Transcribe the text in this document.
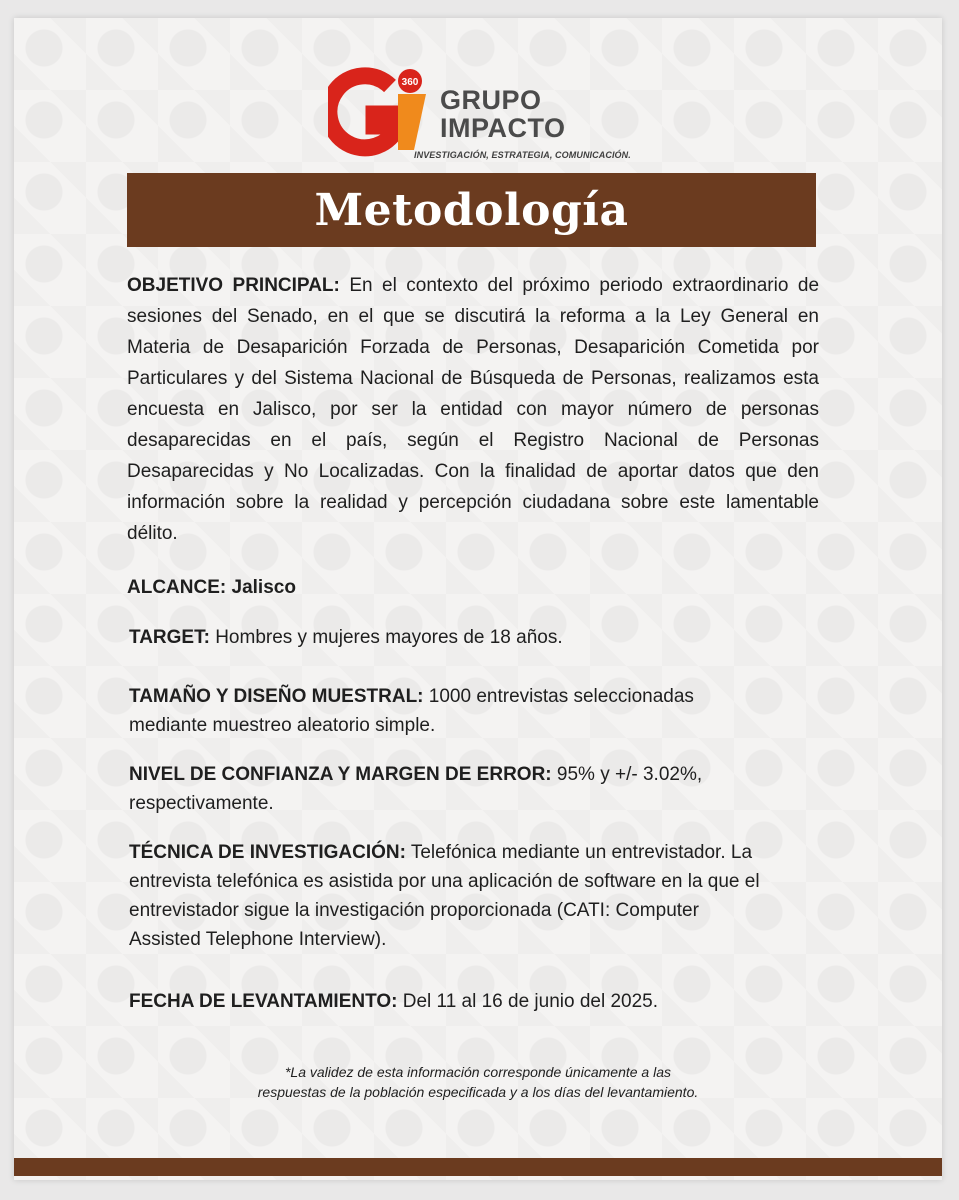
360
GRUPO
IMPACTO
INVESTIGACIÓN, ESTRATEGIA, COMUNICACIÓN.
Metodología

OBJETIVO PRINCIPAL: En el contexto del próximo periodo extraordinario de sesiones del Senado, en el que se discutirá la reforma a la Ley General en Materia de Desaparición Forzada de Personas, Desaparición Cometida por Particulares y del Sistema Nacional de Búsqueda de Personas, realizamos esta encuesta en Jalisco, por ser la entidad con mayor número de personas desaparecidas en el país, según el Registro Nacional de Personas Desaparecidas y No Localizadas. Con la finalidad de aportar datos que den información sobre la realidad y percepción ciudadana sobre este lamentable délito.

ALCANCE: Jalisco

TARGET: Hombres y mujeres mayores de 18 años.

TAMAÑO Y DISEÑO MUESTRAL: 1000 entrevistas seleccionadas mediante muestreo aleatorio simple.

NIVEL DE CONFIANZA Y MARGEN DE ERROR: 95% y +/- 3.02%, respectivamente.

TÉCNICA DE INVESTIGACIÓN: Telefónica mediante un entrevistador. La entrevista telefónica es asistida por una aplicación de software en la que el entrevistador sigue la investigación proporcionada (CATI: Computer Assisted Telephone Interview).

FECHA DE LEVANTAMIENTO: Del 11 al 16 de junio del 2025.

*La validez de esta información corresponde únicamente a las
respuestas de la población especificada y a los días del levantamiento.
